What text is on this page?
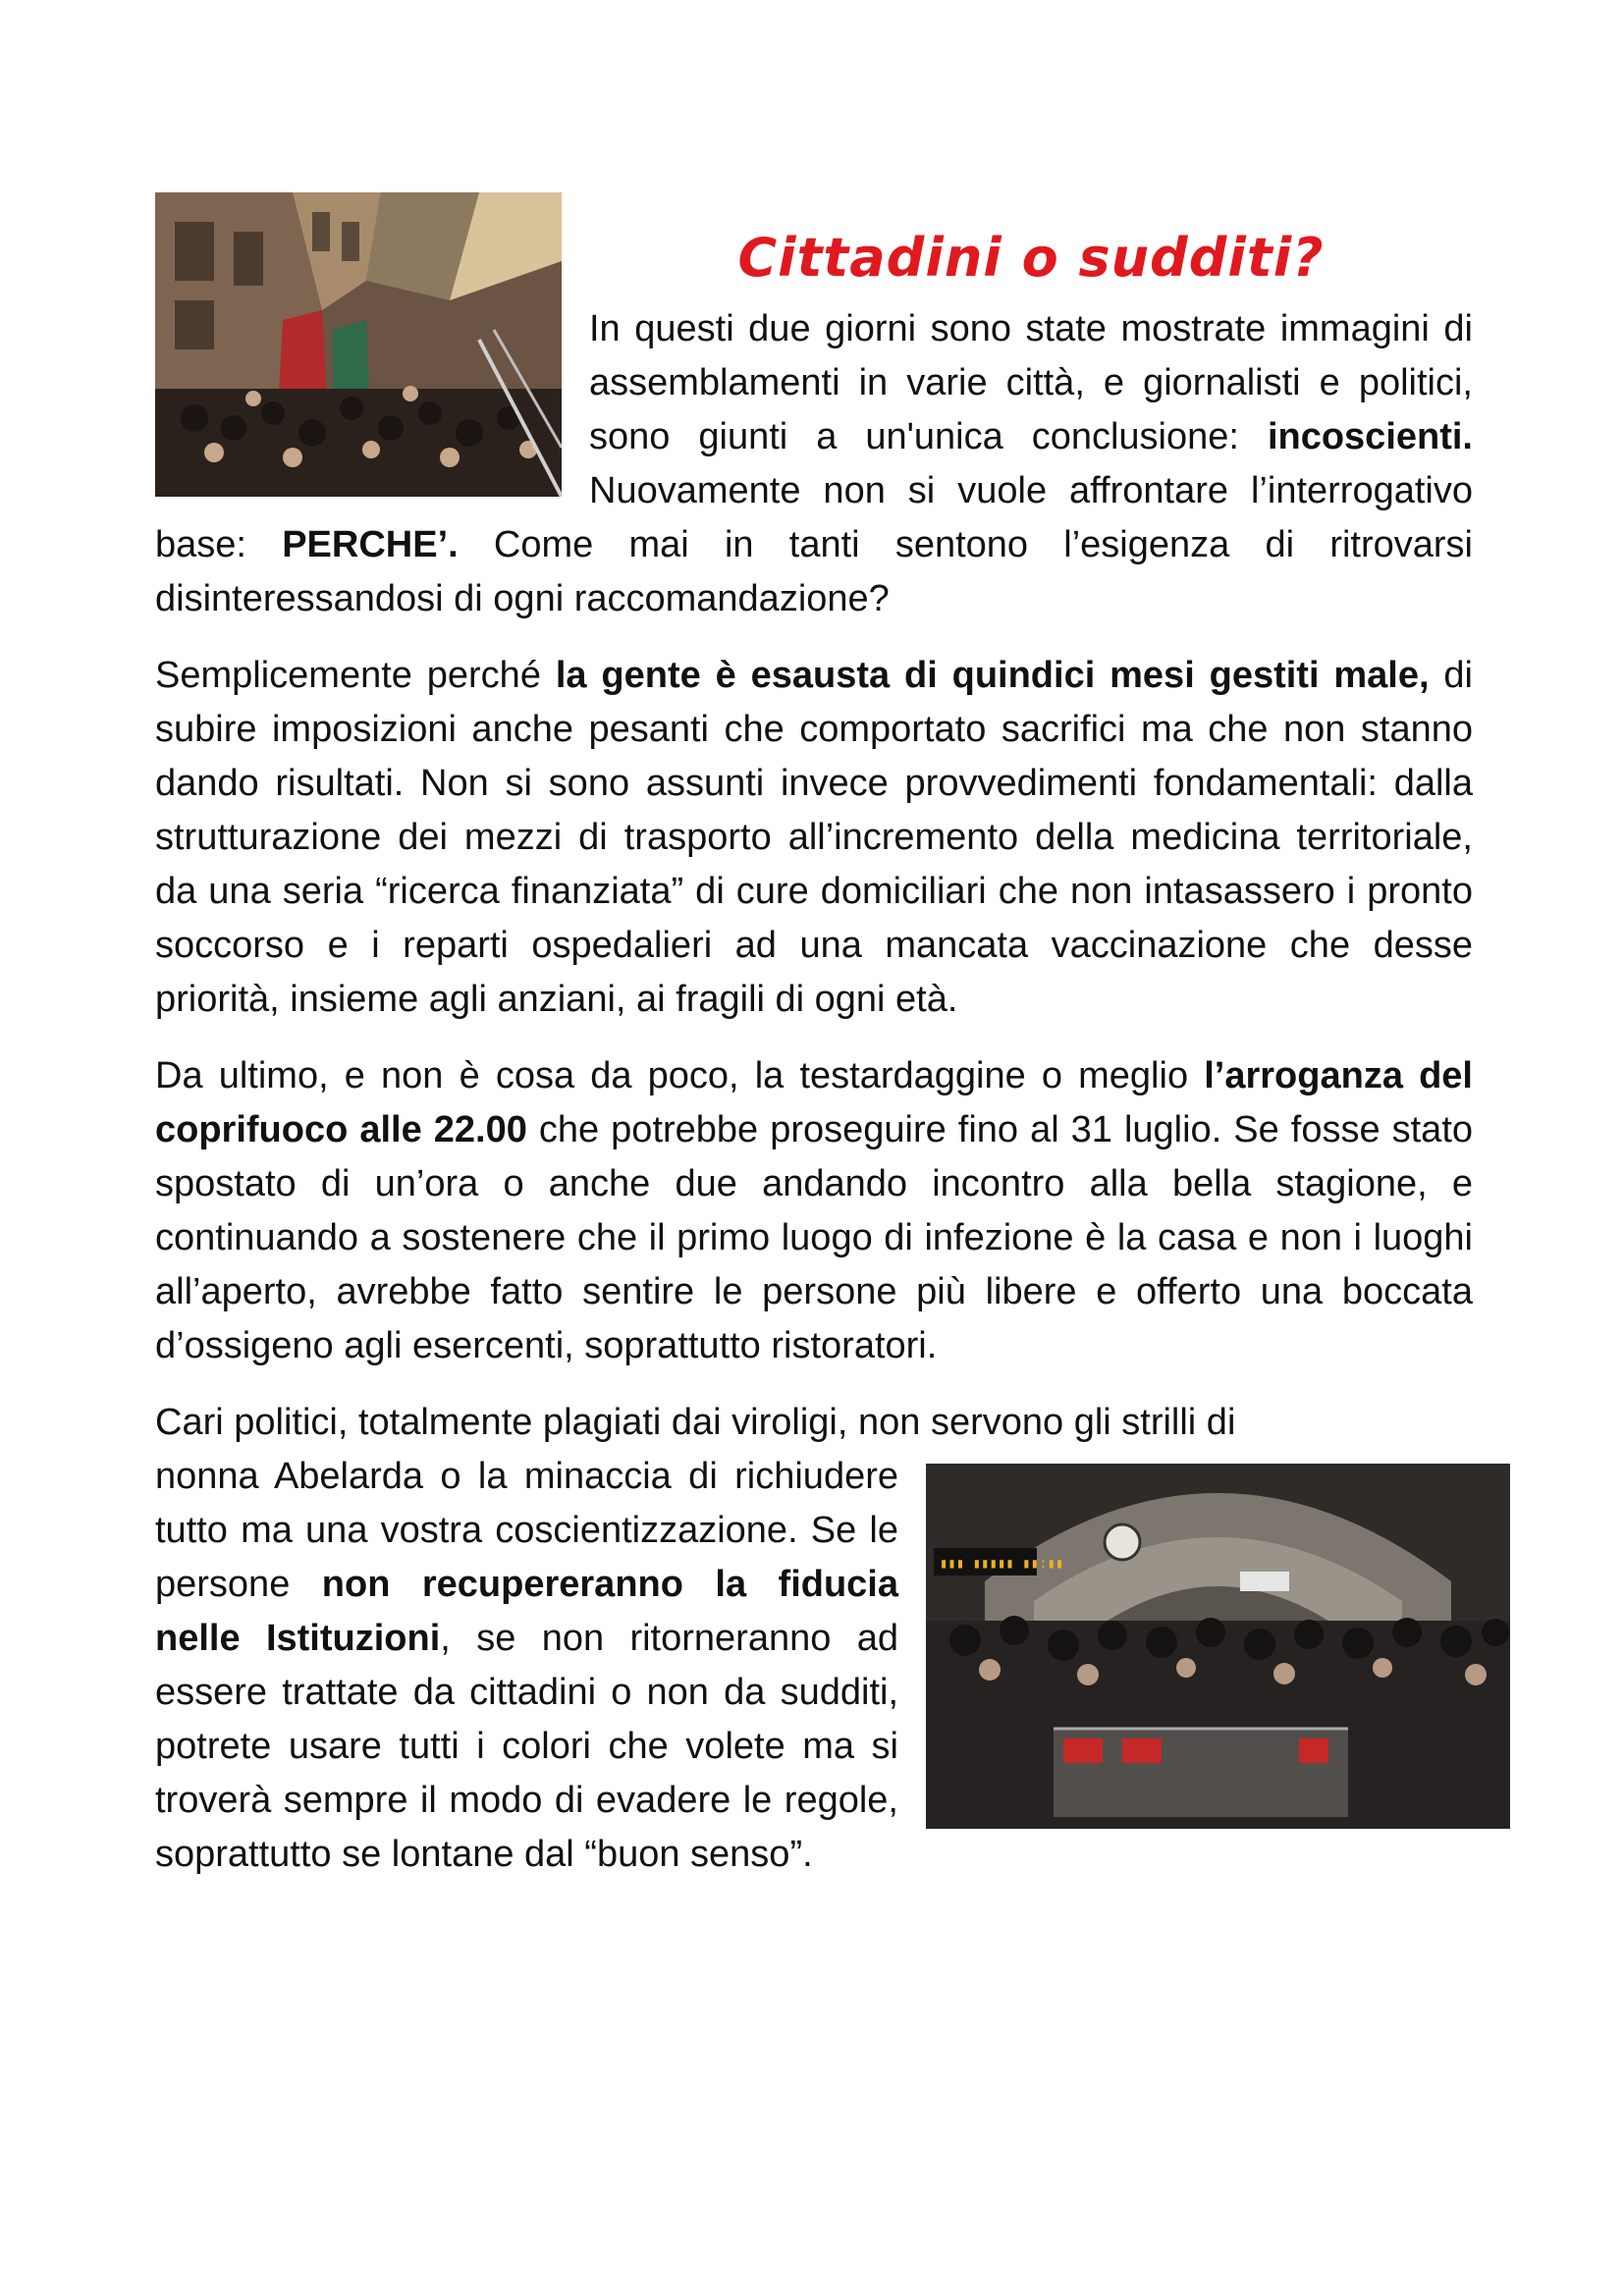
Cittadini o sudditi?

In questi due giorni sono state mostrate immagini di assemblamenti in varie città, e giornalisti e politici, sono giunti a un'unica conclusione: incoscienti. Nuovamente non si vuole affrontare l’interrogativo base: PERCHE’. Come mai in tanti sentono l’esigenza di ritrovarsi disinteressandosi di ogni raccomandazione?

Semplicemente perché la gente è esausta di quindici mesi gestiti male, di subire imposizioni anche pesanti che comportato sacrifici ma che non stanno dando risultati. Non si sono assunti invece provvedimenti fondamentali: dalla strutturazione dei mezzi di trasporto all’incremento della medicina territoriale, da una seria “ricerca finanziata” di cure domiciliari che non intasassero i pronto soccorso e i reparti ospedalieri ad una mancata vaccinazione che desse priorità, insieme agli anziani, ai fragili di ogni età.

Da ultimo, e non è cosa da poco, la testardaggine o meglio l’arroganza del coprifuoco alle 22.00 che potrebbe proseguire fino al 31 luglio. Se fosse stato spostato di un’ora o anche due andando incontro alla bella stagione, e continuando a sostenere che il primo luogo di infezione è la casa e non i luoghi all’aperto, avrebbe fatto sentire le persone più libere e offerto una boccata d’ossigeno agli esercenti, soprattutto ristoratori.

Cari politici, totalmente plagiati dai viroligi, non servono gli strilli di

▮▮▮ ▮▮▮▮▮ ▮▮:▮▮

nonna Abelarda o la minaccia di richiudere tutto ma una vostra coscientizzazione. Se le persone non recupereranno la fiducia nelle Istituzioni, se non ritorneranno ad essere trattate da cittadini o non da sudditi, potrete usare tutti i colori che volete ma si troverà sempre il modo di evadere le regole, soprattutto se lontane dal “buon senso”.
